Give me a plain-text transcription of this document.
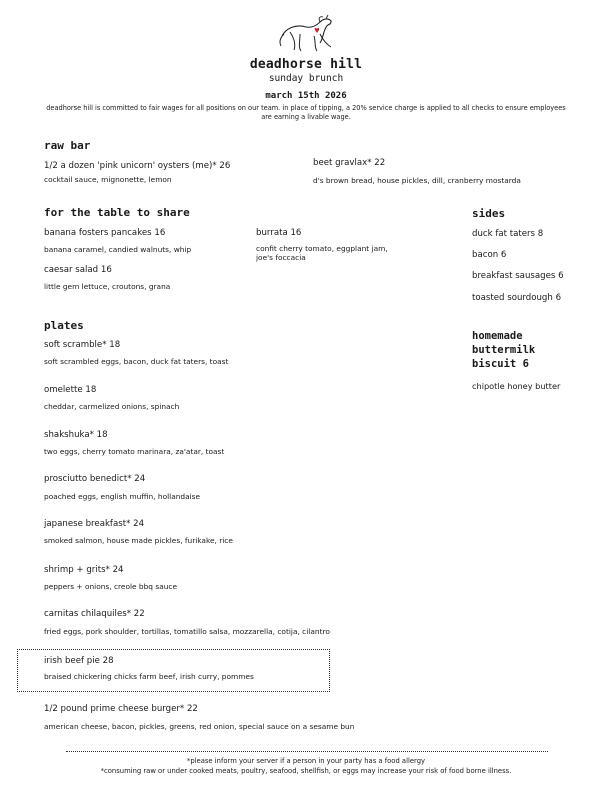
deadhorse hill
sunday brunch
march 15th 2026
deadhorse hill is committed to fair wages for all positions on our team. in place of tipping, a 20% service charge is applied to all checks to ensure employees are earning a livable wage.
raw bar
1/2 a dozen 'pink unicorn' oysters (me)* 26
cocktail sauce, mignonette, lemon
beet gravlax* 22
d's brown bread, house pickles, dill, cranberry mostarda
for the table to share
banana fosters pancakes 16
banana caramel, candied walnuts, whip
burrata 16
confit cherry tomato, eggplant jam,
joe's foccacia
caesar salad 16
little gem lettuce, croutons, grana
sides
duck fat taters 8
bacon 6
breakfast sausages 6
toasted sourdough 6
homemade
buttermilk
biscuit 6
chipotle honey butter
plates
soft scramble* 18
soft scrambled eggs, bacon, duck fat taters, toast
omelette 18
cheddar, carmelized onions, spinach
shakshuka* 18
two eggs, cherry tomato marinara, za'atar, toast
prosciutto benedict* 24
poached eggs, english muffin, hollandaise
japanese breakfast* 24
smoked salmon, house made pickles, furikake, rice
shrimp + grits* 24
peppers + onions, creole bbq sauce
carnitas chilaquiles* 22
fried eggs, pork shoulder, tortillas, tomatillo salsa, mozzarella, cotija, cilantro
irish beef pie 28
braised chickering chicks farm beef, irish curry, pommes
1/2 pound prime cheese burger* 22
american cheese, bacon, pickles, greens, red onion, special sauce on a sesame bun
*please inform your server if a person in your party has a food allergy
*consuming raw or under cooked meats, poultry, seafood, shellfish, or eggs may increase your risk of food borne illness.
